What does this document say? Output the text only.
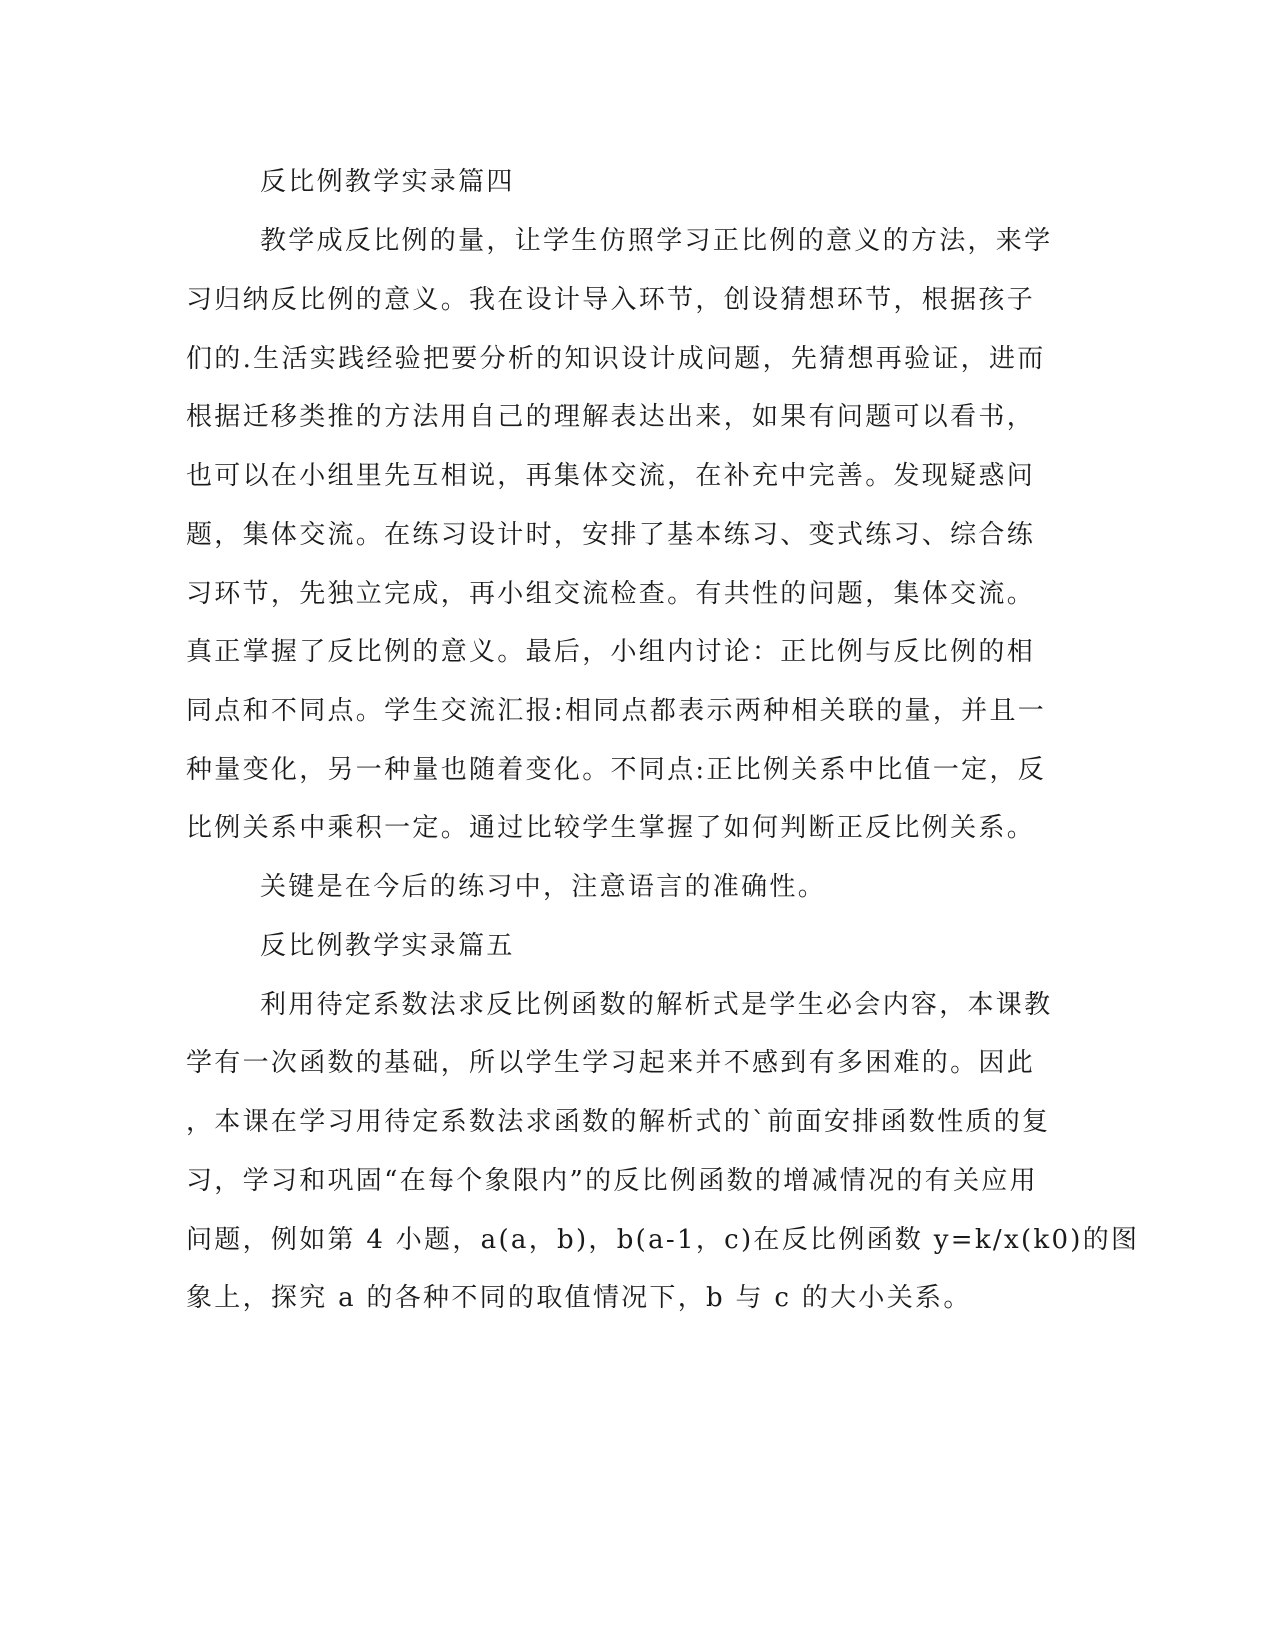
反比例教学实录篇四
教学成反比例的量，让学生仿照学习正比例的意义的方法，来学
习归纳反比例的意义。我在设计导入环节，创设猜想环节，根据孩子
们的.生活实践经验把要分析的知识设计成问题，先猜想再验证，进而
根据迁移类推的方法用自己的理解表达出来，如果有问题可以看书，
也可以在小组里先互相说，再集体交流，在补充中完善。发现疑惑问
题，集体交流。在练习设计时，安排了基本练习、变式练习、综合练
习环节，先独立完成，再小组交流检查。有共性的问题，集体交流。
真正掌握了反比例的意义。最后，小组内讨论：正比例与反比例的相
同点和不同点。学生交流汇报:相同点都表示两种相关联的量，并且一
种量变化，另一种量也随着变化。不同点:正比例关系中比值一定，反
比例关系中乘积一定。通过比较学生掌握了如何判断正反比例关系。
关键是在今后的练习中，注意语言的准确性。
反比例教学实录篇五
利用待定系数法求反比例函数的解析式是学生必会内容，本课教
学有一次函数的基础，所以学生学习起来并不感到有多困难的。因此
，本课在学习用待定系数法求函数的解析式的`前面安排函数性质的复
习，学习和巩固“在每个象限内”的反比例函数的增减情况的有关应用
问题，例如第 4 小题，a(a，b)，b(a-1，c)在反比例函数 y=k/x(k0)的图
象上，探究 a 的各种不同的取值情况下，b 与 c 的大小关系。
